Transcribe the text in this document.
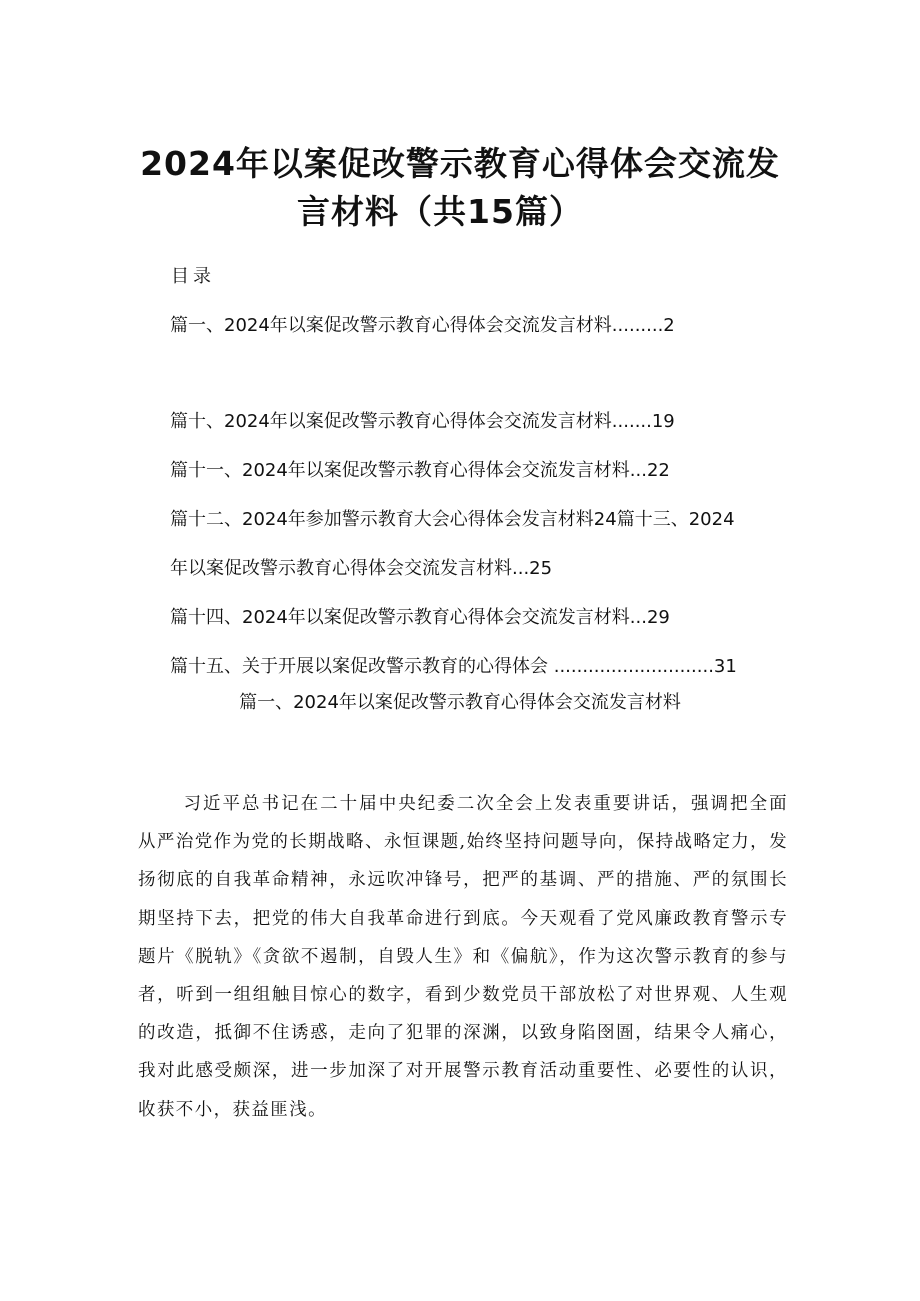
2024年以案促改警示教育心得体会交流发
言材料（共15篇）
目录
篇一、2024年以案促改警示教育心得体会交流发言材料.........2
篇十、2024年以案促改警示教育心得体会交流发言材料.......19
篇十一、2024年以案促改警示教育心得体会交流发言材料...22
篇十二、2024年参加警示教育大会心得体会发言材料24篇十三、2024
年以案促改警示教育心得体会交流发言材料...25
篇十四、2024年以案促改警示教育心得体会交流发言材料...29
篇十五、关于开展以案促改警示教育的心得体会 ............................31
篇一、2024年以案促改警示教育心得体会交流发言材料

习近平总书记在二十届中央纪委二次全会上发表重要讲话，强调把全面从严治党作为党的长期战略、永恒课题,始终坚持问题导向，保持战略定力，发扬彻底的自我革命精神，永远吹冲锋号，把严的基调、严的措施、严的氛围长期坚持下去，把党的伟大自我革命进行到底。今天观看了党风廉政教育警示专题片《脱轨》《贪欲不遏制，自毁人生》和《偏航》，作为这次警示教育的参与者，听到一组组触目惊心的数字，看到少数党员干部放松了对世界观、人生观的改造，抵御不住诱惑，走向了犯罪的深渊，以致身陷囹圄，结果令人痛心，我对此感受颇深，进一步加深了对开展警示教育活动重要性、必要性的认识，收获不小，获益匪浅。
